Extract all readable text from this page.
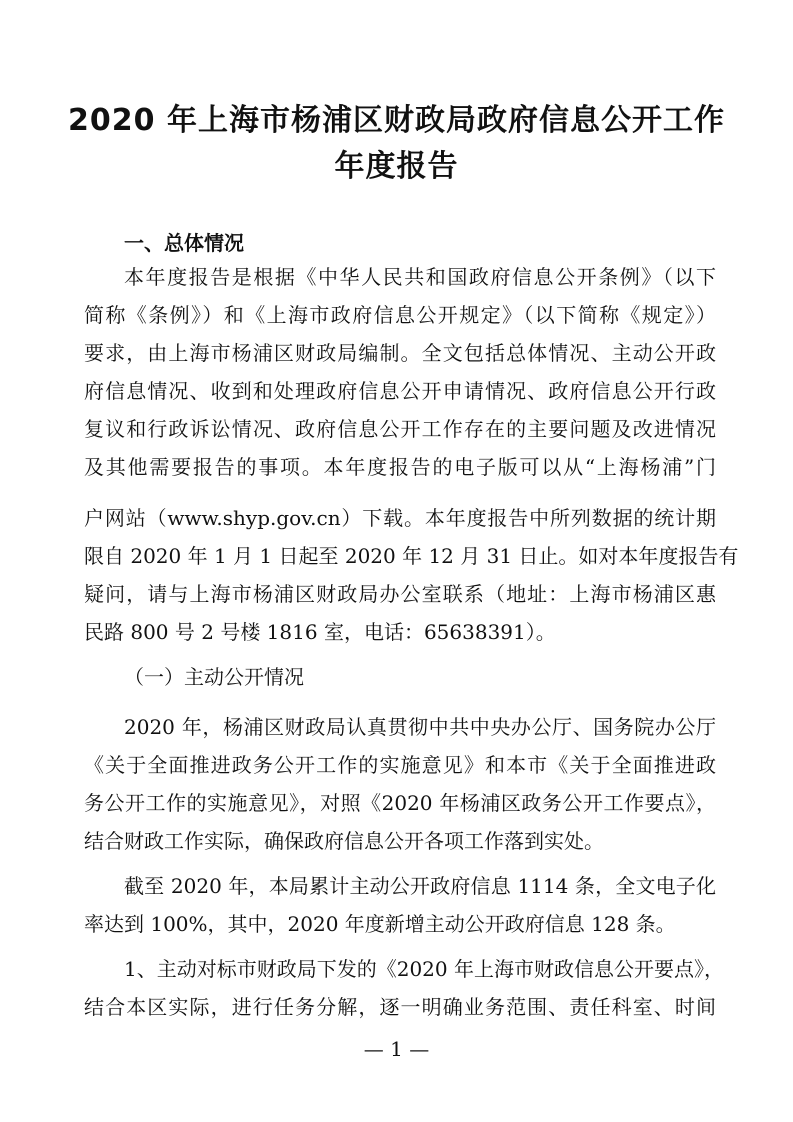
2020 年上海市杨浦区财政局政府信息公开工作
年度报告
一、总体情况
本年度报告是根据《中华人民共和国政府信息公开条例》（以下
简称《条例》）和《上海市政府信息公开规定》（以下简称《规定》）
要求，由上海市杨浦区财政局编制。全文包括总体情况、主动公开政
府信息情况、收到和处理政府信息公开申请情况、政府信息公开行政
复议和行政诉讼情况、政府信息公开工作存在的主要问题及改进情况
及其他需要报告的事项。本年度报告的电子版可以从“上海杨浦”门
户网站（www.shyp.gov.cn）下载。本年度报告中所列数据的统计期
限自 2020 年 1 月 1 日起至 2020 年 12 月 31 日止。如对本年度报告有
疑问，请与上海市杨浦区财政局办公室联系（地址：上海市杨浦区惠
民路 800 号 2 号楼 1816 室，电话：65638391）。
（一）主动公开情况
2020 年，杨浦区财政局认真贯彻中共中央办公厅、国务院办公厅
《关于全面推进政务公开工作的实施意见》和本市《关于全面推进政
务公开工作的实施意见》，对照《2020 年杨浦区政务公开工作要点》，
结合财政工作实际，确保政府信息公开各项工作落到实处。
截至 2020 年，本局累计主动公开政府信息 1114 条，全文电子化
率达到 100%，其中，2020 年度新增主动公开政府信息 128 条。
1、主动对标市财政局下发的《2020 年上海市财政信息公开要点》，
结合本区实际，进行任务分解，逐一明确业务范围、责任科室、时间
— 1 —
